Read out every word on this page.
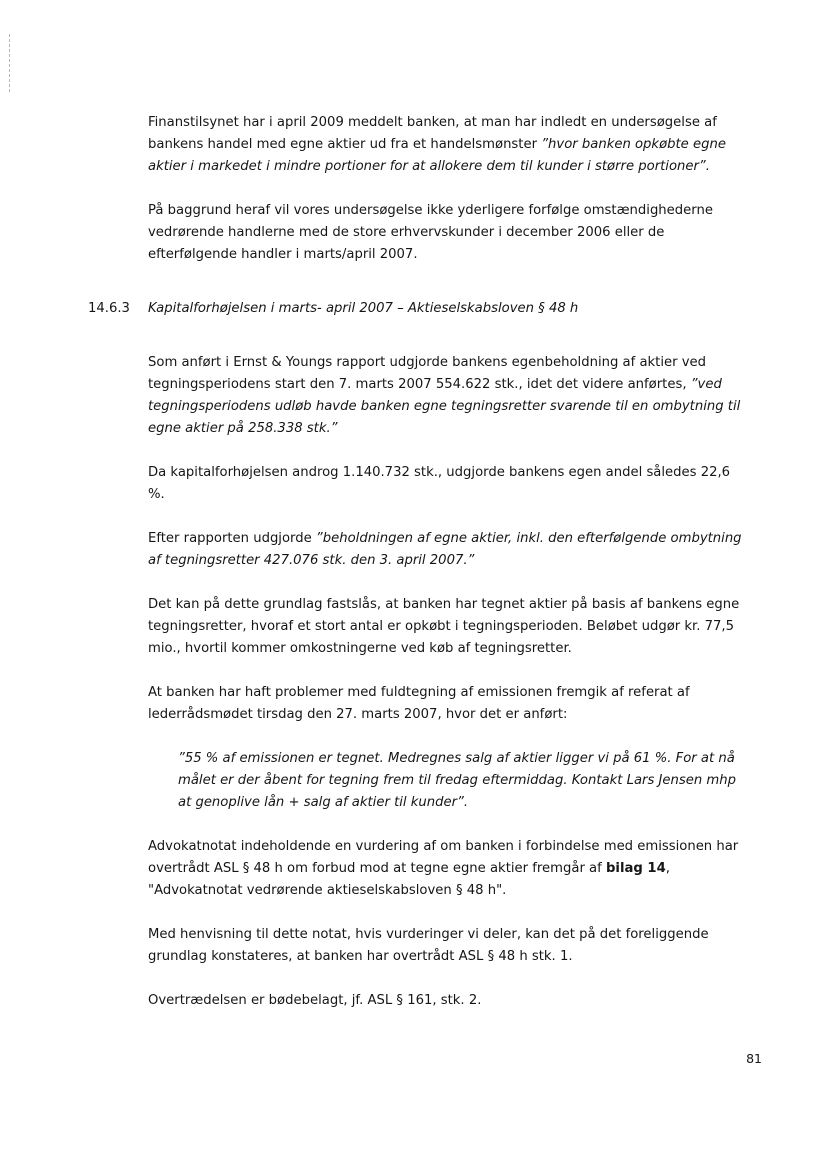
Finanstilsynet har i april 2009 meddelt banken, at man har indledt en undersøgelse af bankens handel med egne aktier ud fra et handelsmønster ”hvor banken opkøbte egne aktier i markedet i mindre portioner for at allokere dem til kunder i større portioner”.

På baggrund heraf vil vores undersøgelse ikke yderligere forfølge omstændighederne vedrørende handlerne med de store erhvervskunder i december 2006 eller de efterfølgende handler i marts/april 2007.

14.6.3	Kapitalforhøjelsen i marts- april 2007 – Aktieselskabsloven § 48 h

Som anført i Ernst & Youngs rapport udgjorde bankens egenbeholdning af aktier ved tegningsperiodens start den 7. marts 2007 554.622 stk., idet det videre anførtes, ”ved tegningsperiodens udløb havde banken egne tegningsretter svarende til en ombytning til egne aktier på 258.338 stk.”

Da kapitalforhøjelsen androg 1.140.732 stk., udgjorde bankens egen andel således 22,6 %.

Efter rapporten udgjorde ”beholdningen af egne aktier, inkl. den efterfølgende ombytning af tegningsretter 427.076 stk. den 3. april 2007.”

Det kan på dette grundlag fastslås, at banken har tegnet aktier på basis af bankens egne tegningsretter, hvoraf et stort antal er opkøbt i tegningsperioden. Beløbet udgør kr. 77,5 mio., hvortil kommer omkostningerne ved køb af tegningsretter.

At banken har haft problemer med fuldtegning af emissionen fremgik af referat af lederrådsmødet tirsdag den 27. marts 2007, hvor det er anført:

”55 % af emissionen er tegnet. Medregnes salg af aktier ligger vi på 61 %. For at nå målet er der åbent for tegning frem til fredag eftermiddag. Kontakt Lars Jensen mhp at genoplive lån + salg af aktier til kunder”.

Advokatnotat indeholdende en vurdering af om banken i forbindelse med emissionen har overtrådt ASL § 48 h om forbud mod at tegne egne aktier fremgår af bilag 14, "Advokatnotat vedrørende aktieselskabsloven § 48 h".

Med henvisning til dette notat, hvis vurderinger vi deler, kan det på det foreliggende grundlag konstateres, at banken har overtrådt ASL § 48 h stk. 1.

Overtrædelsen er bødebelagt, jf. ASL § 161, stk. 2.

81
